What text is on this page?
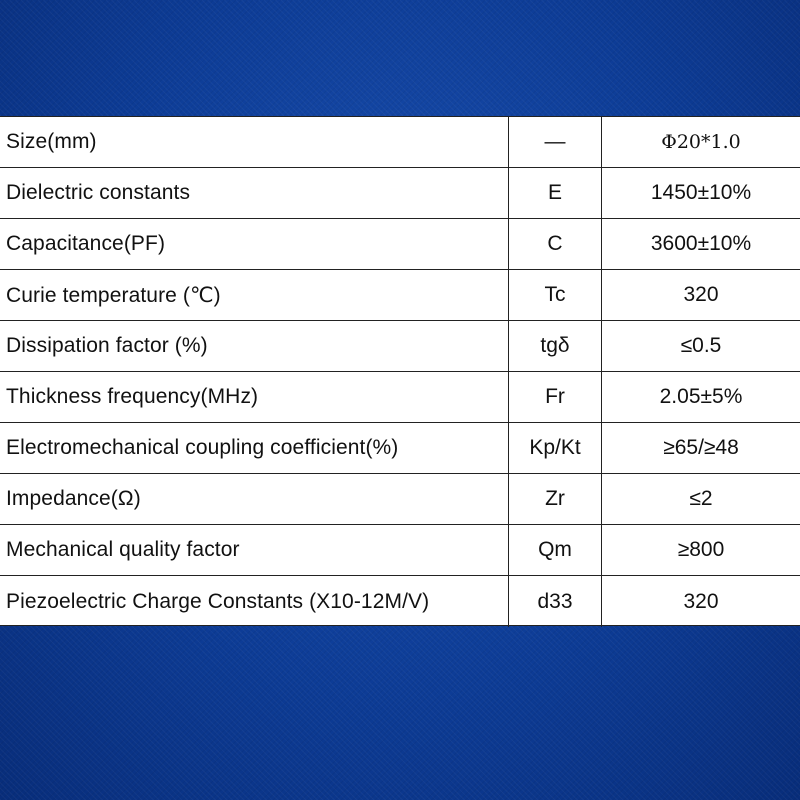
Size(mm)	—	Φ20*1.0
Dielectric constants	E	1450±10%
Capacitance(PF)	C	3600±10%
Curie temperature (℃)	Tc	320
Dissipation factor (%)	tgδ	≤0.5
Thickness frequency(MHz)	Fr	2.05±5%
Electromechanical coupling coefficient(%)	Kp/Kt	≥65/≥48
Impedance(Ω)	Zr	≤2
Mechanical quality factor	Qm	≥800
Piezoelectric Charge Constants (X10-12M/V)	d33	320
